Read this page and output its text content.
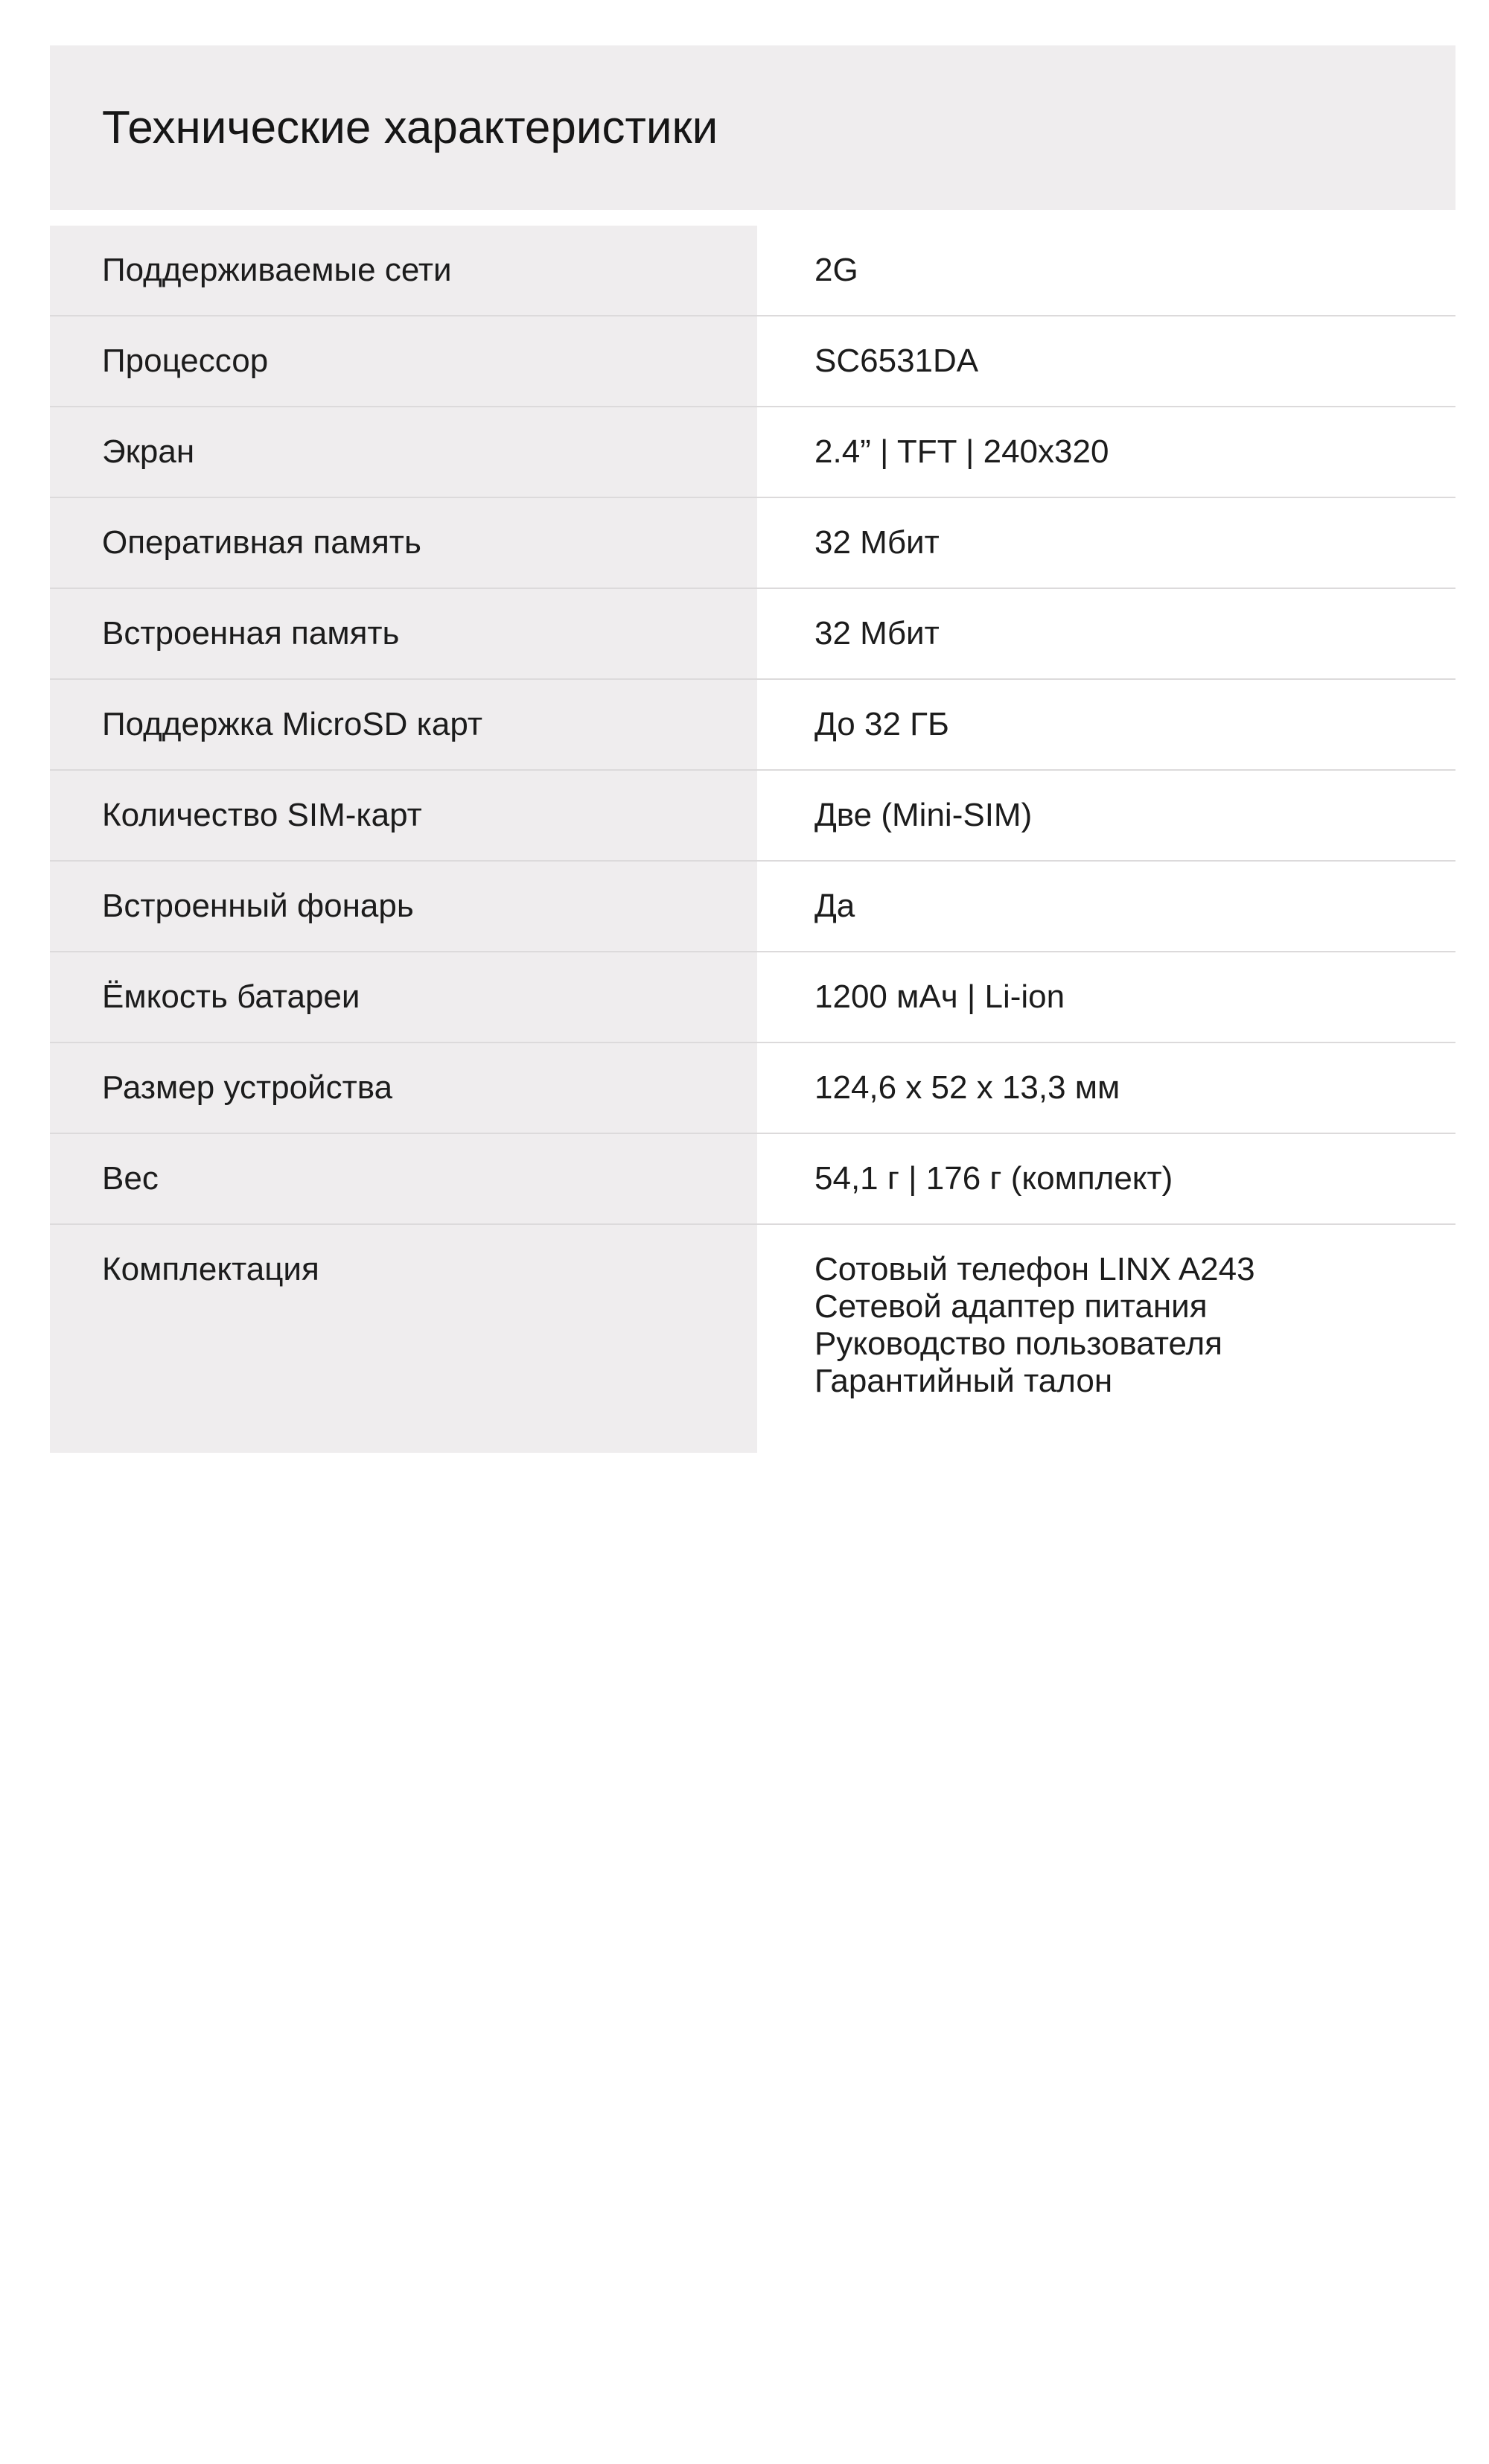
Технические характеристики
Поддерживаемые сети	2G
Процессор	SC6531DA
Экран	2.4” | TFT | 240x320
Оперативная память	32 Мбит
Встроенная память	32 Мбит
Поддержка MicroSD карт	До 32 ГБ
Количество SIM-карт	Две (Mini-SIM)
Встроенный фонарь	Да
Ёмкость батареи	1200 мАч | Li-ion
Размер устройства	124,6 x 52 x 13,3 мм
Вес	54,1 г | 176 г (комплект)
Комплектация	Сотовый телефон LINX A243
Сетевой адаптер питания
Руководство пользователя
Гарантийный талон
